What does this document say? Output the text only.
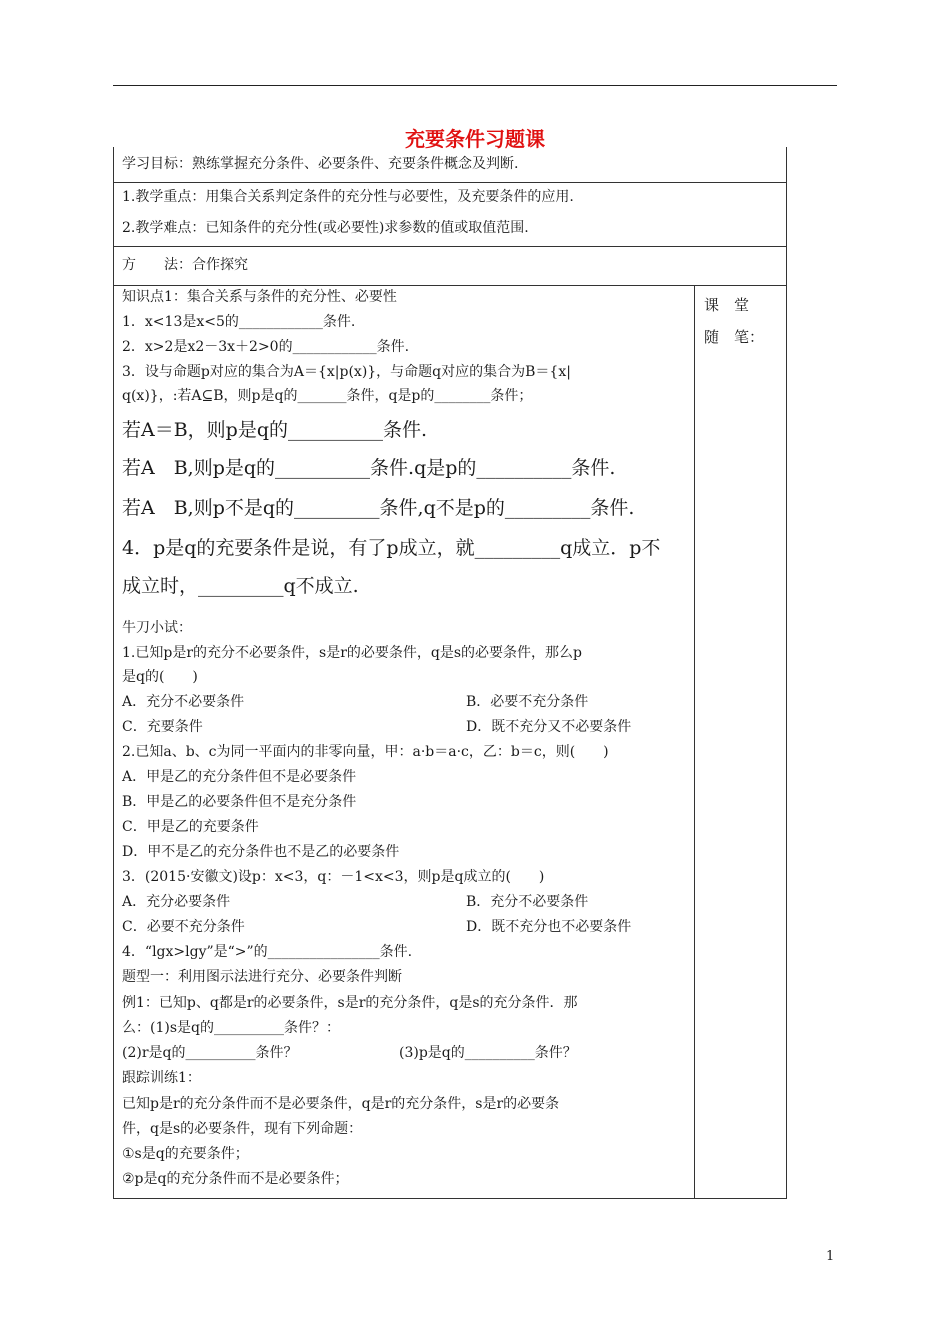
充要条件习题课
学习目标：熟练掌握充分条件、必要条件、充要条件概念及判断.
1.教学重点：用集合关系判定条件的充分性与必要性，及充要条件的应用.
2.教学难点：已知条件的充分性(或必要性)求参数的值或取值范围.
方　　法：合作探究
课　堂　随　笔：
知识点1：集合关系与条件的充分性、必要性
1．x<13是x<5的____________条件.
2．x>2是x2－3x＋2>0的____________条件.
3．设与命题p对应的集合为A＝{x|p(x)}，与命题q对应的集合为B＝{x|
q(x)}，:若A⊆B，则p是q的_______条件，q是p的________条件；
若A＝B，则p是q的__________条件.
若A　B,则p是q的__________条件.q是p的__________条件.
若A　B,则p不是q的_________条件,q不是p的_________条件.
4．p是q的充要条件是说，有了p成立，就_________q成立．p不
成立时，_________q不成立.
牛刀小试：
1.已知p是r的充分不必要条件，s是r的必要条件，q是s的必要条件，那么p
是q的(　　)
A．充分不必要条件	B．必要不充分条件
C．充要条件	D．既不充分又不必要条件
2.已知a、b、c为同一平面内的非零向量，甲：a·b＝a·c，乙：b＝c，则(　　)
A．甲是乙的充分条件但不是必要条件
B．甲是乙的必要条件但不是充分条件
C．甲是乙的充要条件
D．甲不是乙的充分条件也不是乙的必要条件
3．(2015·安徽文)设p：x<3，q：－1<x<3，则p是q成立的(　　)
A．充分必要条件	B．充分不必要条件
C．必要不充分条件	D．既不充分也不必要条件
4．“lgx>lgy”是“>”的________________条件.
题型一：利用图示法进行充分、必要条件判断
例1：已知p、q都是r的必要条件，s是r的充分条件，q是s的充分条件．那
么：(1)s是q的__________条件？：
(2)r是q的__________条件？	(3)p是q的__________条件？
跟踪训练1：
已知p是r的充分条件而不是必要条件，q是r的充分条件，s是r的必要条
件，q是s的必要条件，现有下列命题：
①s是q的充要条件；
②p是q的充分条件而不是必要条件；
1
